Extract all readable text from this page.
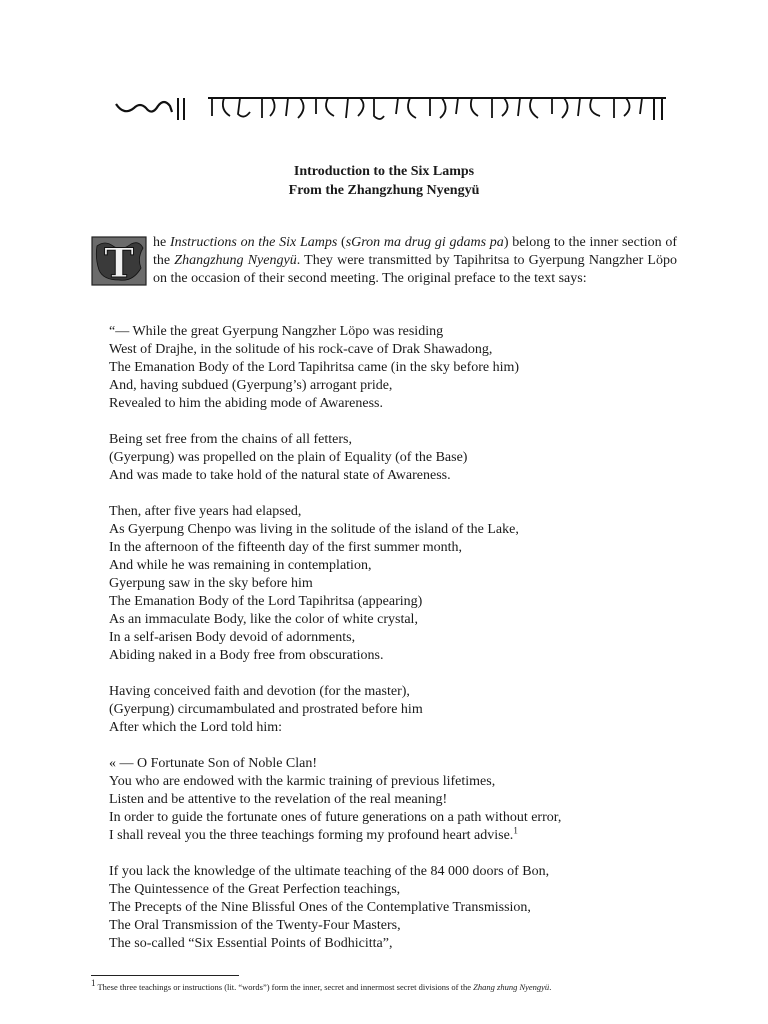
Introduction to the Six Lamps
From the Zhangzhung Nyengyü
T he Instructions on the Six Lamps (sGron ma drug gi gdams pa) belong to the inner section of the Zhangzhung Nyengyü. They were transmitted by Tapihritsa to Gyerpung Nangzher Löpo on the occasion of their second meeting. The original preface to the text says:
“— While the great Gyerpung Nangzher Löpo was residing
West of Drajhe, in the solitude of his rock-cave of Drak Shawadong,
The Emanation Body of the Lord Tapihritsa came (in the sky before him)
And, having subdued (Gyerpung’s) arrogant pride,
Revealed to him the abiding mode of Awareness.
Being set free from the chains of all fetters,
(Gyerpung) was propelled on the plain of Equality (of the Base)
And was made to take hold of the natural state of Awareness.
Then, after five years had elapsed,
As Gyerpung Chenpo was living in the solitude of the island of the Lake,
In the afternoon of the fifteenth day of the first summer month,
And while he was remaining in contemplation,
Gyerpung saw in the sky before him
The Emanation Body of the Lord Tapihritsa (appearing)
As an immaculate Body, like the color of white crystal,
In a self-arisen Body devoid of adornments,
Abiding naked in a Body free from obscurations.
Having conceived faith and devotion (for the master),
(Gyerpung) circumambulated and prostrated before him
After which the Lord told him:
« — O Fortunate Son of Noble Clan!
You who are endowed with the karmic training of previous lifetimes,
Listen and be attentive to the revelation of the real meaning!
In order to guide the fortunate ones of future generations on a path without error,
I shall reveal you the three teachings forming my profound heart advise.$^1$
If you lack the knowledge of the ultimate teaching of the 84 000 doors of Bon,
The Quintessence of the Great Perfection teachings,
The Precepts of the Nine Blissful Ones of the Contemplative Transmission,
The Oral Transmission of the Twenty-Four Masters,
The so-called “Six Essential Points of Bodhicitta”,
$^1$ These three teachings or instructions (lit. “words”) form the inner, secret and innermost secret divisions of the Zhang zhung Nyengyü.
